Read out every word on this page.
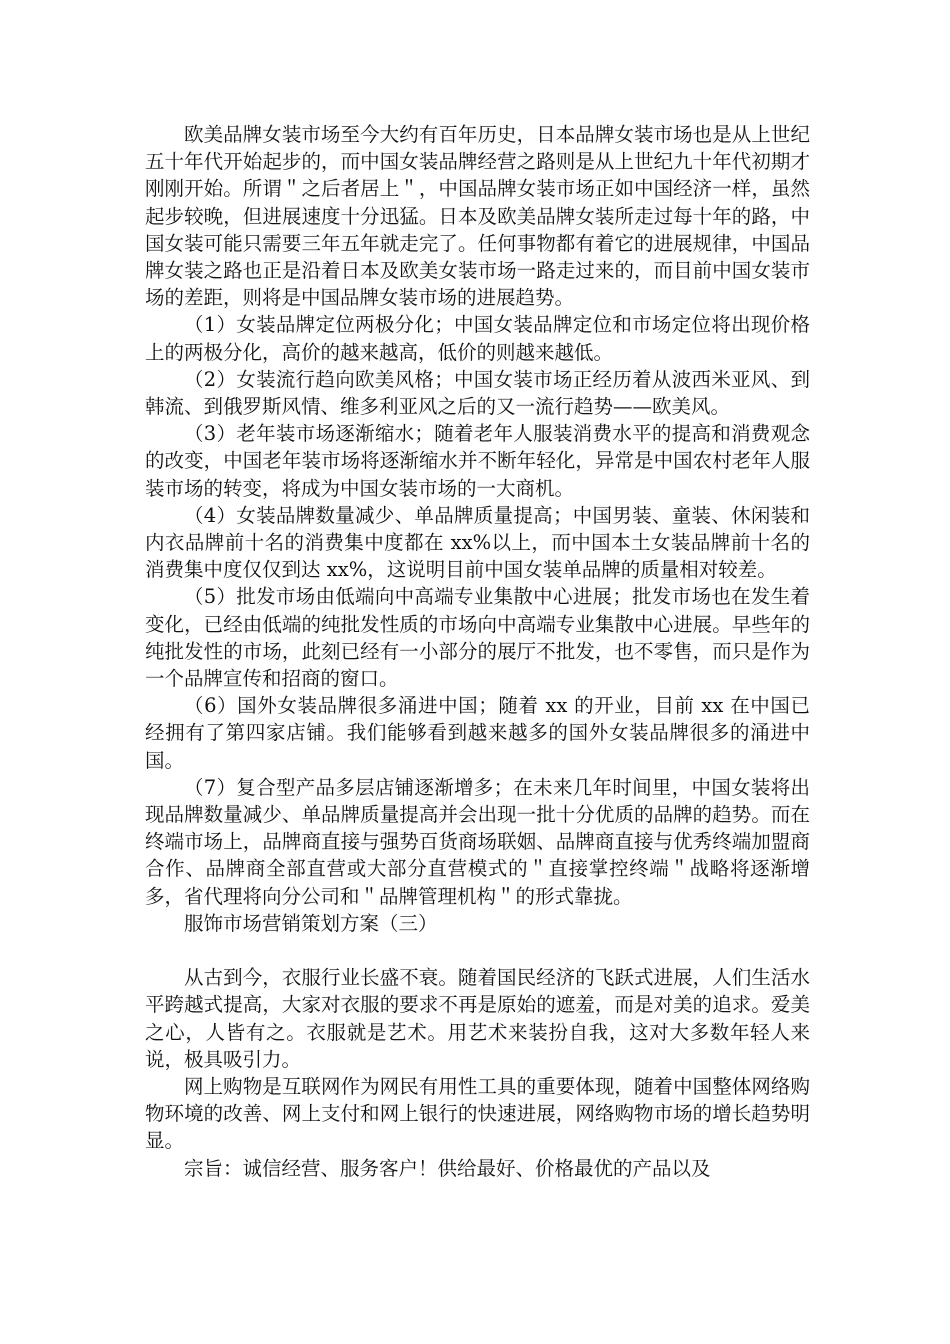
欧美品牌女装市场至今大约有百年历史，日本品牌女装市场也是从上世纪五十年代开始起步的，而中国女装品牌经营之路则是从上世纪九十年代初期才刚刚开始。所谓＂之后者居上＂，中国品牌女装市场正如中国经济一样，虽然起步较晚，但进展速度十分迅猛。日本及欧美品牌女装所走过每十年的路，中国女装可能只需要三年五年就走完了。任何事物都有着它的进展规律，中国品牌女装之路也正是沿着日本及欧美女装市场一路走过来的，而目前中国女装市场的差距，则将是中国品牌女装市场的进展趋势。

（1）女装品牌定位两极分化；中国女装品牌定位和市场定位将出现价格上的两极分化，高价的越来越高，低价的则越来越低。

（2）女装流行趋向欧美风格；中国女装市场正经历着从波西米亚风、到韩流、到俄罗斯风情、维多利亚风之后的又一流行趋势——欧美风。

（3）老年装市场逐渐缩水；随着老年人服装消费水平的提高和消费观念的改变，中国老年装市场将逐渐缩水并不断年轻化，异常是中国农村老年人服装市场的转变，将成为中国女装市场的一大商机。

（4）女装品牌数量减少、单品牌质量提高；中国男装、童装、休闲装和内衣品牌前十名的消费集中度都在 xx%以上，而中国本土女装品牌前十名的消费集中度仅仅到达 xx%，这说明目前中国女装单品牌的质量相对较差。

（5）批发市场由低端向中高端专业集散中心进展；批发市场也在发生着变化，已经由低端的纯批发性质的市场向中高端专业集散中心进展。早些年的纯批发性的市场，此刻已经有一小部分的展厅不批发，也不零售，而只是作为一个品牌宣传和招商的窗口。

（6）国外女装品牌很多涌进中国；随着 xx 的开业，目前 xx 在中国已经拥有了第四家店铺。我们能够看到越来越多的国外女装品牌很多的涌进中国。

（7）复合型产品多层店铺逐渐增多；在未来几年时间里，中国女装将出现品牌数量减少、单品牌质量提高并会出现一批十分优质的品牌的趋势。而在终端市场上，品牌商直接与强势百货商场联姻、品牌商直接与优秀终端加盟商合作、品牌商全部直营或大部分直营模式的＂直接掌控终端＂战略将逐渐增多，省代理将向分公司和＂品牌管理机构＂的形式靠拢。

服饰市场营销策划方案（三）

从古到今，衣服行业长盛不衰。随着国民经济的飞跃式进展，人们生活水平跨越式提高，大家对衣服的要求不再是原始的遮羞，而是对美的追求。爱美之心，人皆有之。衣服就是艺术。用艺术来装扮自我，这对大多数年轻人来说，极具吸引力。

网上购物是互联网作为网民有用性工具的重要体现，随着中国整体网络购物环境的改善、网上支付和网上银行的快速进展，网络购物市场的增长趋势明显。

宗旨：诚信经营、服务客户！供给最好、价格最优的产品以及
